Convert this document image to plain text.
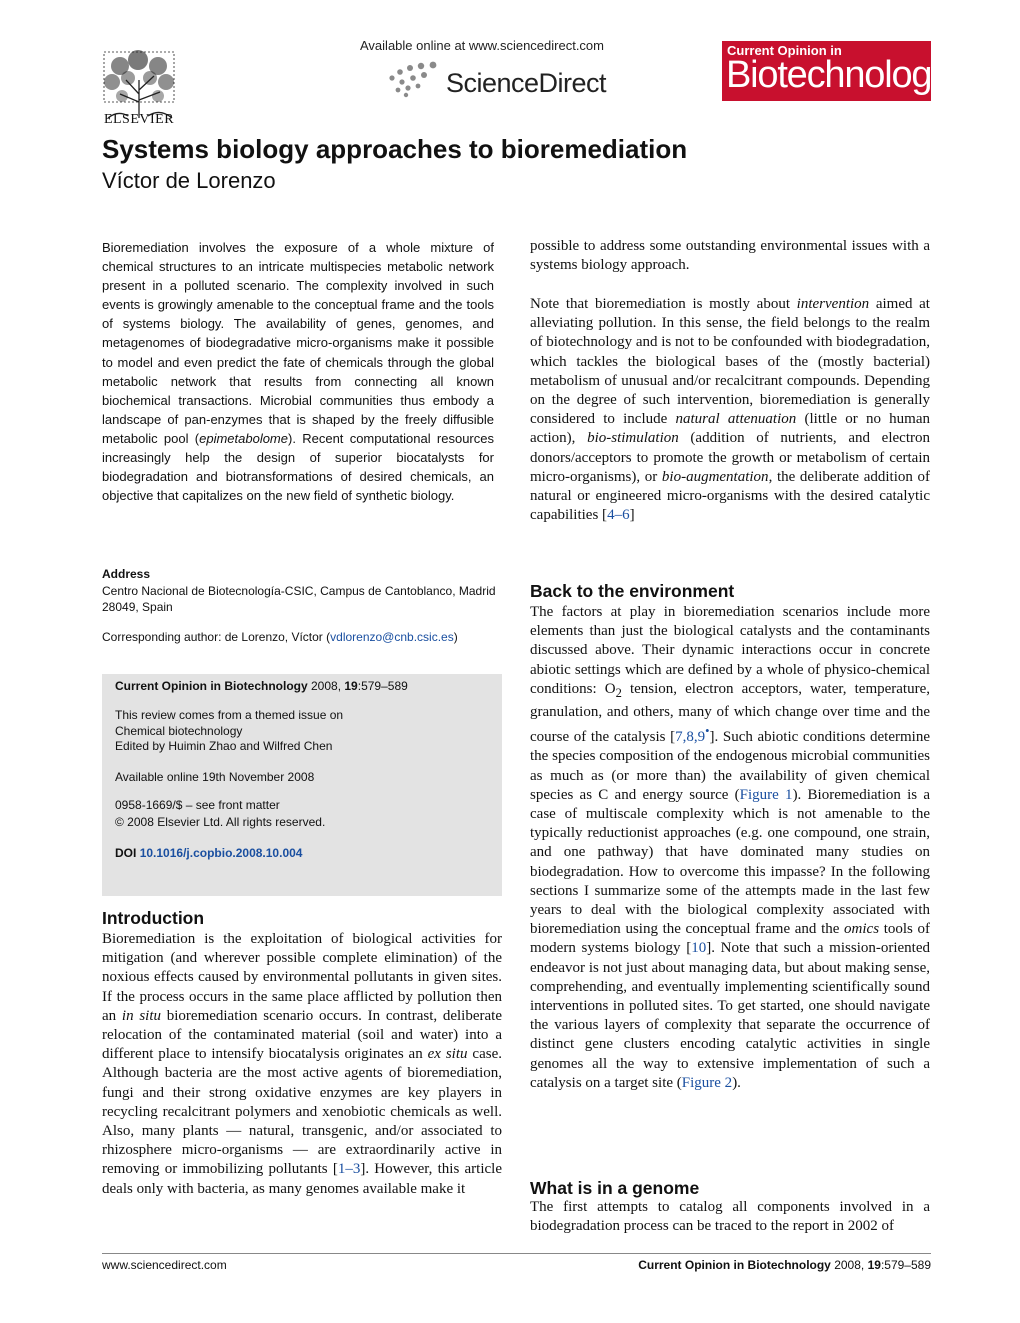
ELSEVIER
Available online at www.sciencedirect.com
ScienceDirect
Current Opinion in
Biotechnology
Systems biology approaches to bioremediation
Víctor de Lorenzo
Bioremediation involves the exposure of a whole mixture of chemical structures to an intricate multispecies metabolic network present in a polluted scenario. The complexity involved in such events is growingly amenable to the conceptual frame and the tools of systems biology. The availability of genes, genomes, and metagenomes of biodegradative micro-organisms make it possible to model and even predict the fate of chemicals through the global metabolic network that results from connecting all known biochemical transactions. Microbial communities thus embody a landscape of pan-enzymes that is shaped by the freely diffusible metabolic pool (epimetabolome). Recent computational resources increasingly help the design of superior biocatalysts for biodegradation and biotransformations of desired chemicals, an objective that capitalizes on the new field of synthetic biology.
Address
Centro Nacional de Biotecnología-CSIC, Campus de Cantoblanco, Madrid 28049, Spain
Corresponding author: de Lorenzo, Víctor (vdlorenzo@cnb.csic.es)
Current Opinion in Biotechnology 2008, 19:579–589
This review comes from a themed issue on
Chemical biotechnology
Edited by Huimin Zhao and Wilfred Chen
Available online 19th November 2008
0958-1669/$ – see front matter
© 2008 Elsevier Ltd. All rights reserved.
DOI 10.1016/j.copbio.2008.10.004
Introduction
Bioremediation is the exploitation of biological activities for mitigation (and wherever possible complete elimination) of the noxious effects caused by environmental pollutants in given sites. If the process occurs in the same place afflicted by pollution then an in situ bioremediation scenario occurs. In contrast, deliberate relocation of the contaminated material (soil and water) into a different place to intensify biocatalysis originates an ex situ case. Although bacteria are the most active agents of bioremediation, fungi and their strong oxidative enzymes are key players in recycling recalcitrant polymers and xenobiotic chemicals as well. Also, many plants — natural, transgenic, and/or associated to rhizosphere micro-organisms — are extraordinarily active in removing or immobilizing pollutants [1–3]. However, this article deals only with bacteria, as many genomes available make it
possible to address some outstanding environmental issues with a systems biology approach.
Note that bioremediation is mostly about intervention aimed at alleviating pollution. In this sense, the field belongs to the realm of biotechnology and is not to be confounded with biodegradation, which tackles the biological bases of the (mostly bacterial) metabolism of unusual and/or recalcitrant compounds. Depending on the degree of such intervention, bioremediation is generally considered to include natural attenuation (little or no human action), bio-stimulation (addition of nutrients, and electron donors/acceptors to promote the growth or metabolism of certain micro-organisms), or bio-augmentation, the deliberate addition of natural or engineered micro-organisms with the desired catalytic capabilities [4–6]
Back to the environment
The factors at play in bioremediation scenarios include more elements than just the biological catalysts and the contaminants discussed above. Their dynamic interactions occur in concrete abiotic settings which are defined by a whole of physico-chemical conditions: $O_2$ tension, electron acceptors, water, temperature, granulation, and others, many of which change over time and the course of the catalysis [7,8,9•]. Such abiotic conditions determine the species composition of the endogenous microbial communities as much as (or more than) the availability of given chemical species as C and energy source (Figure 1). Bioremediation is a case of multiscale complexity which is not amenable to the typically reductionist approaches (e.g. one compound, one strain, and one pathway) that have dominated many studies on biodegradation. How to overcome this impasse? In the following sections I summarize some of the attempts made in the last few years to deal with the biological complexity associated with bioremediation using the conceptual frame and the omics tools of modern systems biology [10]. Note that such a mission-oriented endeavor is not just about managing data, but about making sense, comprehending, and eventually implementing scientifically sound interventions in polluted sites. To get started, one should navigate the various layers of complexity that separate the occurrence of distinct gene clusters encoding catalytic activities in single genomes all the way to extensive implementation of such a catalysis on a target site (Figure 2).
What is in a genome
The first attempts to catalog all components involved in a biodegradation process can be traced to the report in 2002 of
www.sciencedirect.com	Current Opinion in Biotechnology 2008, 19:579–589
